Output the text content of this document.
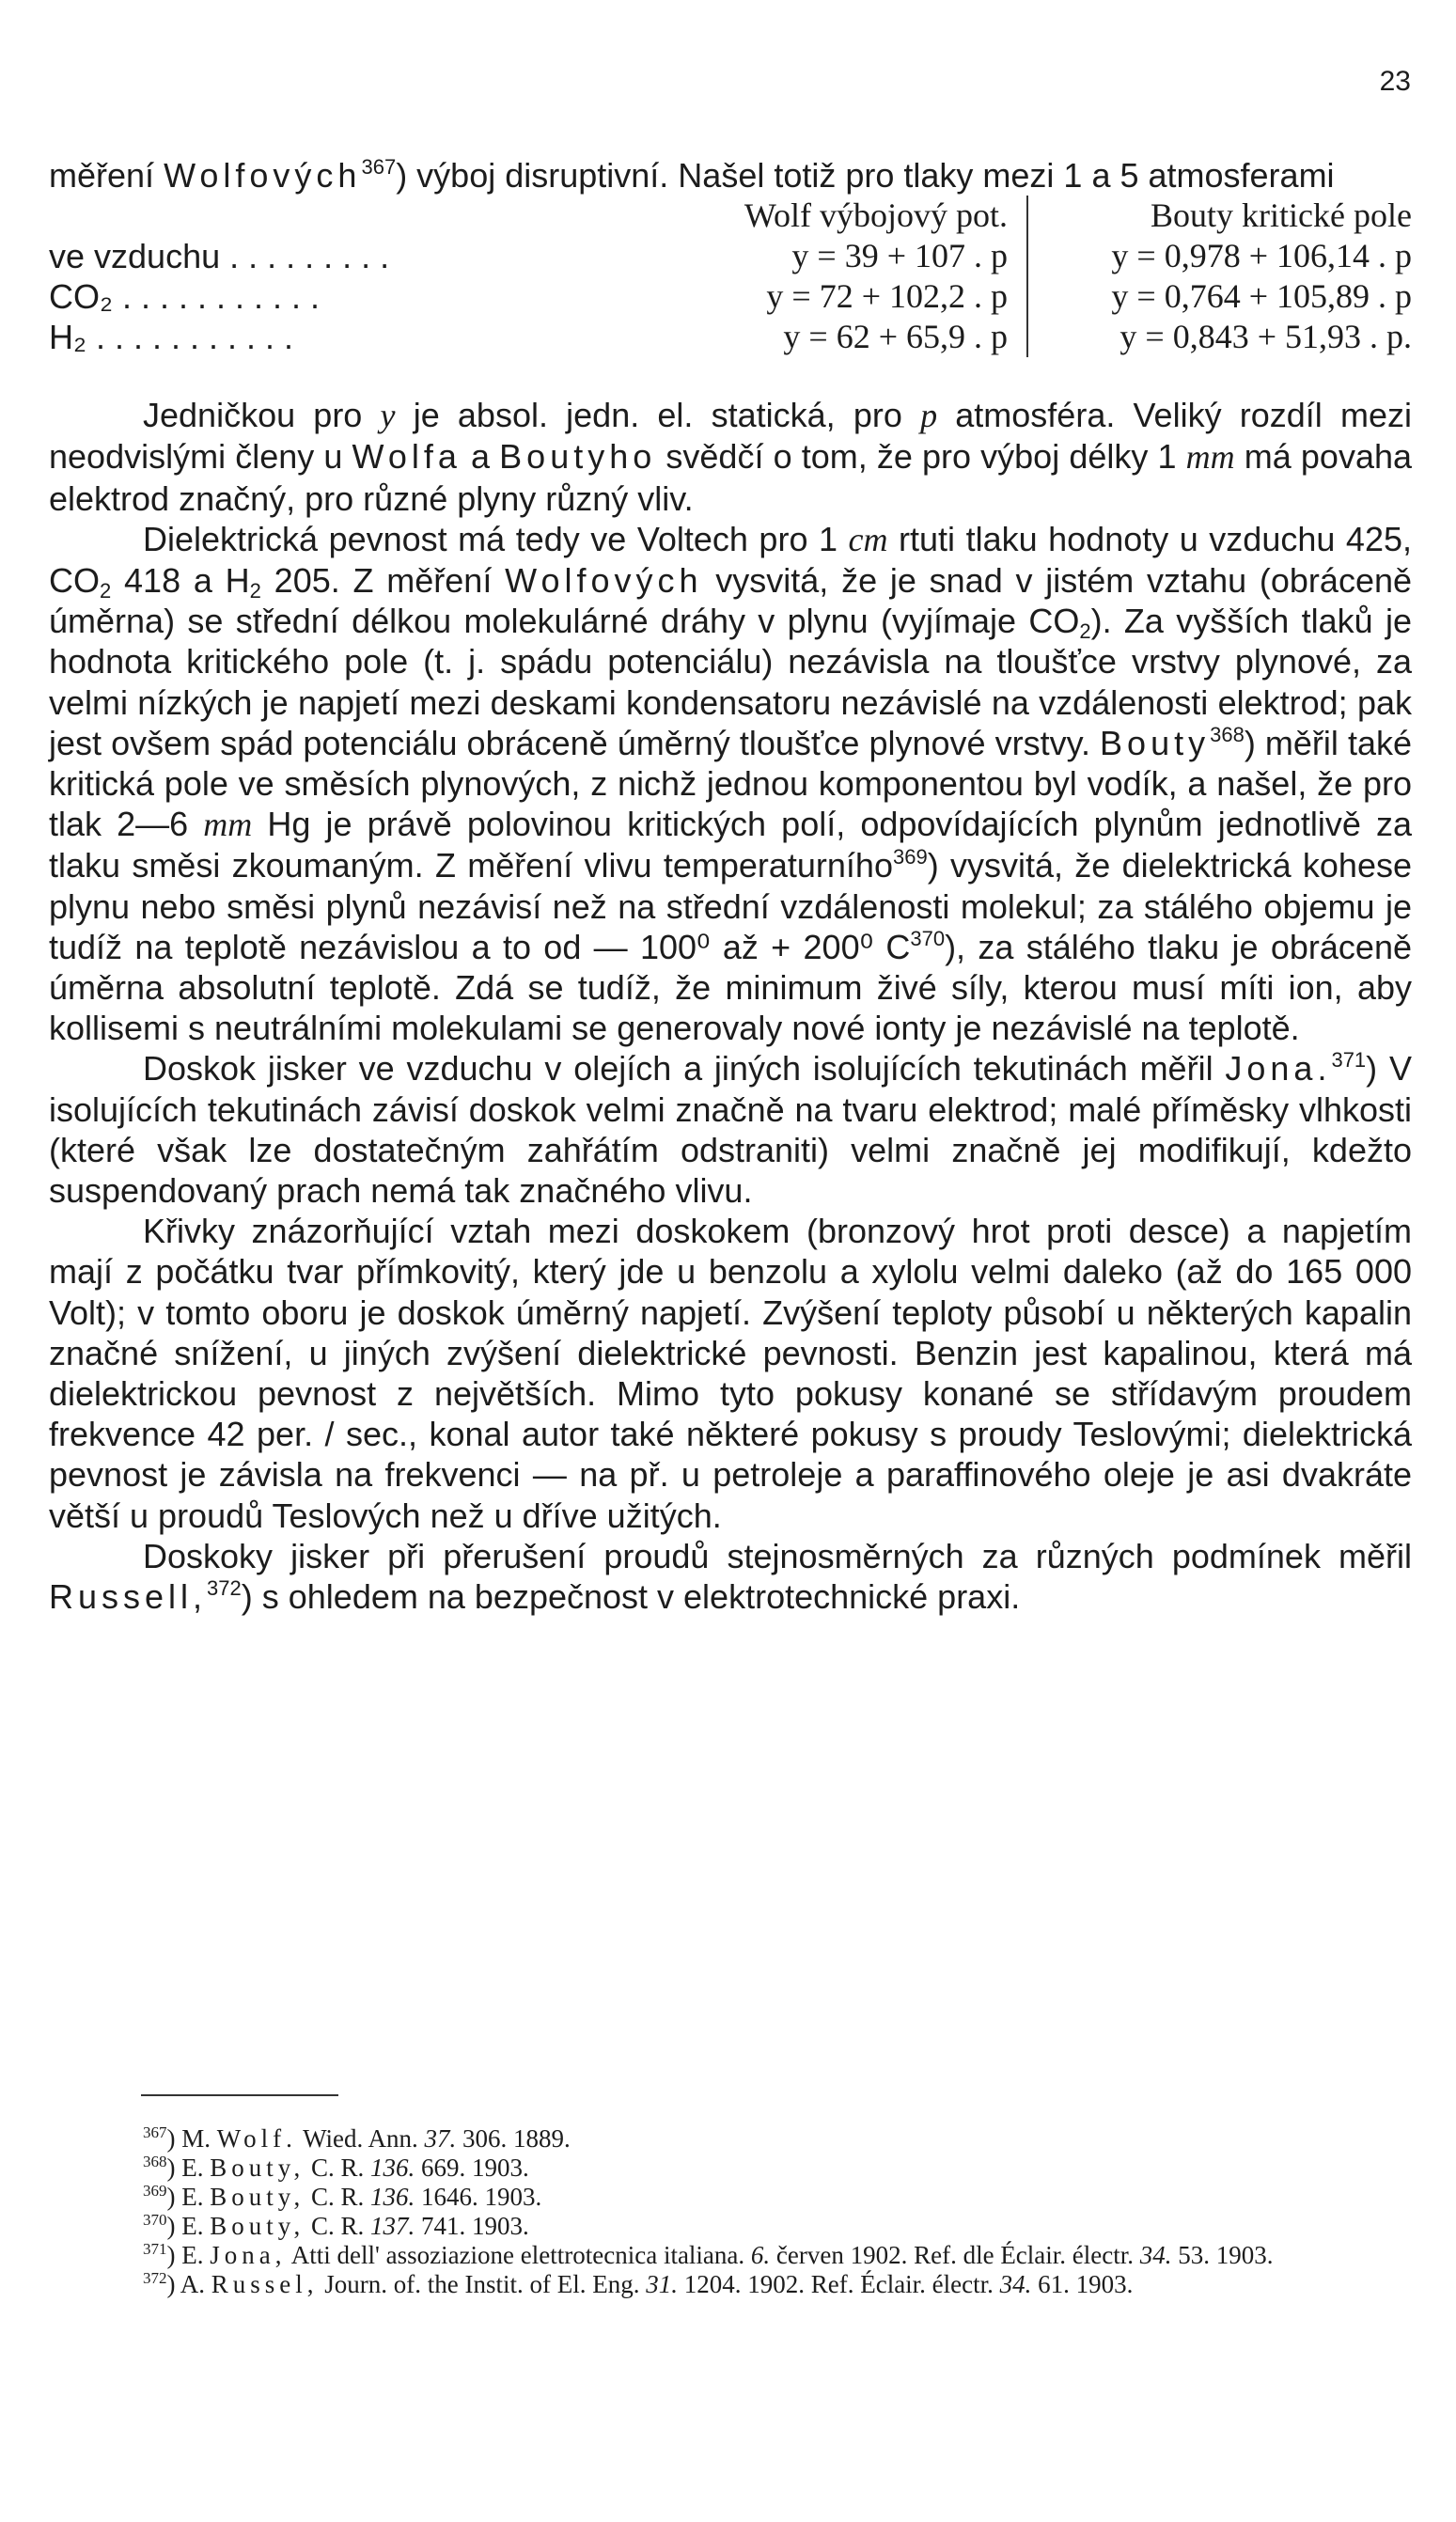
23

měření Wolfových$^{367}$) výboj disruptivní. Našel totiž pro tlaky mezi 1 a 5 atmosferami

	Wolf výbojový pot.	Bouty kritické pole
ve vzduchu . . . . . . . . .	y = 39 + 107 . p	y = 0,978 + 106,14 . p
CO₂ . . . . . . . . . . .	y = 72 + 102,2 . p	y = 0,764 + 105,89 . p
H₂ . . . . . . . . . . .	y = 62 + 65,9 . p	y = 0,843 + 51,93 . p.

Jedničkou pro y je absol. jedn. el. statická, pro p atmosféra. Veliký rozdíl mezi neodvislými členy u Wolfa a Boutyho svědčí o tom, že pro výboj délky 1 mm má povaha elektrod značný, pro různé plyny různý vliv.

Dielektrická pevnost má tedy ve Voltech pro 1 cm rtuti tlaku hodnoty u vzduchu 425, $CO_2$ 418 a $H_2$ 205. Z měření Wolfových vysvitá, že je snad v jistém vztahu (obráceně úměrna) se střední délkou molekulárné dráhy v plynu (vyjímaje $CO_2$). Za vyšších tlaků je hodnota kritického pole (t. j. spádu potenciálu) nezávisla na tloušťce vrstvy plynové, za velmi nízkých je napjetí mezi deskami kondensatoru nezávislé na vzdálenosti elektrod; pak jest ovšem spád potenciálu obráceně úměrný tloušťce plynové vrstvy. Bouty$^{368}$) měřil také kritická pole ve směsích plynových, z nichž jednou komponentou byl vodík, a našel, že pro tlak 2—6 mm Hg je právě polovinou kritických polí, odpovídajících plynům jednotlivě za tlaku směsi zkoumaným. Z měření vlivu temperaturního$^{369}$) vysvitá, že dielektrická kohese plynu nebo směsi plynů nezávisí než na střední vzdálenosti molekul; za stálého objemu je tudíž na teplotě nezávislou a to od — 100⁰ až + 200⁰ $C^{370}$), za stálého tlaku je obráceně úměrna absolutní teplotě. Zdá se tudíž, že minimum živé síly, kterou musí míti ion, aby kollisemi s neutrálními molekulami se generovaly nové ionty je nezávislé na teplotě.

Doskok jisker ve vzduchu v olejích a jiných isolujících tekutinách měřil Jona.$^{371}$) V isolujících tekutinách závisí doskok velmi značně na tvaru elektrod; malé příměsky vlhkosti (které však lze dostatečným zahřátím odstraniti) velmi značně jej modifikují, kdežto suspendovaný prach nemá tak značného vlivu.

Křivky znázorňující vztah mezi doskokem (bronzový hrot proti desce) a napjetím mají z počátku tvar přímkovitý, který jde u benzolu a xylolu velmi daleko (až do 165 000 Volt); v tomto oboru je doskok úměrný napjetí. Zvýšení teploty působí u některých kapalin značné snížení, u jiných zvýšení dielektrické pevnosti. Benzin jest kapalinou, která má dielektrickou pevnost z největších. Mimo tyto pokusy konané se střídavým proudem frekvence 42 per. / sec., konal autor také některé pokusy s proudy Teslovými; dielektrická pevnost je závisla na frekvenci — na př. u petroleje a paraffinového oleje je asi dvakráte větší u proudů Teslových než u dříve užitých.

Doskoky jisker při přerušení proudů stejnosměrných za různých podmínek měřil Russell,$^{372}$) s ohledem na bezpečnost v elektrotechnické praxi.

$^{367}$) M. Wolf. Wied. Ann. 37. 306. 1889.

$^{368}$) E. Bouty, C. R. 136. 669. 1903.

$^{369}$) E. Bouty, C. R. 136. 1646. 1903.

$^{370}$) E. Bouty, C. R. 137. 741. 1903.

$^{371}$) E. Jona, Atti dell' assoziazione elettrotecnica italiana. 6. červen 1902. Ref. dle Éclair. électr. 34. 53. 1903.

$^{372}$) A. Russel, Journ. of. the Instit. of El. Eng. 31. 1204. 1902. Ref. Éclair. électr. 34. 61. 1903.
